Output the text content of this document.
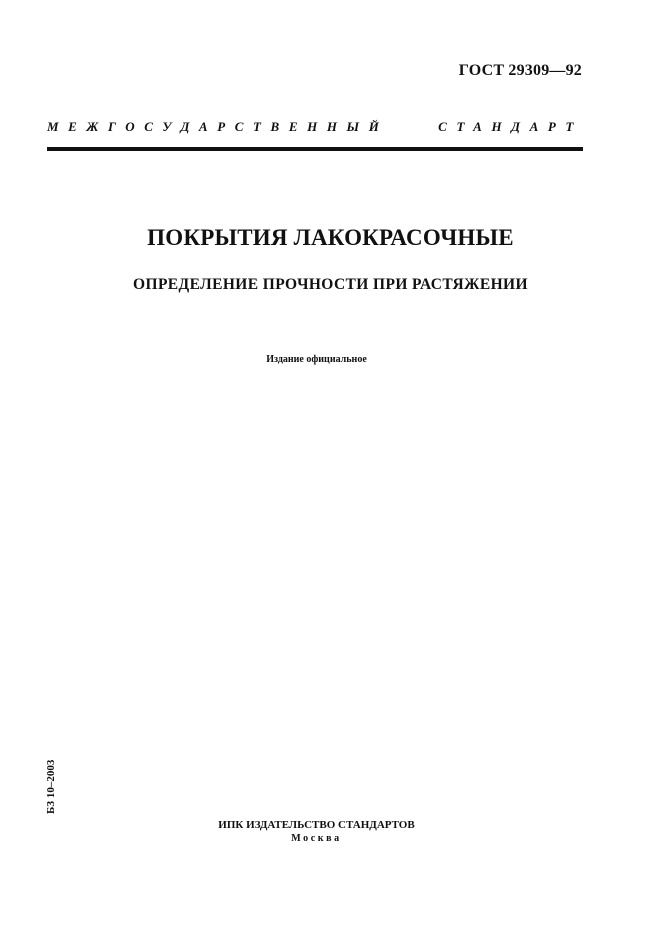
ГОСТ 29309—92
МЕЖГОСУДАРСТВЕННЫЙ СТАНДАРТ
ПОКРЫТИЯ ЛАКОКРАСОЧНЫЕ
ОПРЕДЕЛЕНИЕ ПРОЧНОСТИ ПРИ РАСТЯЖЕНИИ
Издание официальное
БЗ 10–2003
ИПК ИЗДАТЕЛЬСТВО СТАНДАРТОВ
Москва
